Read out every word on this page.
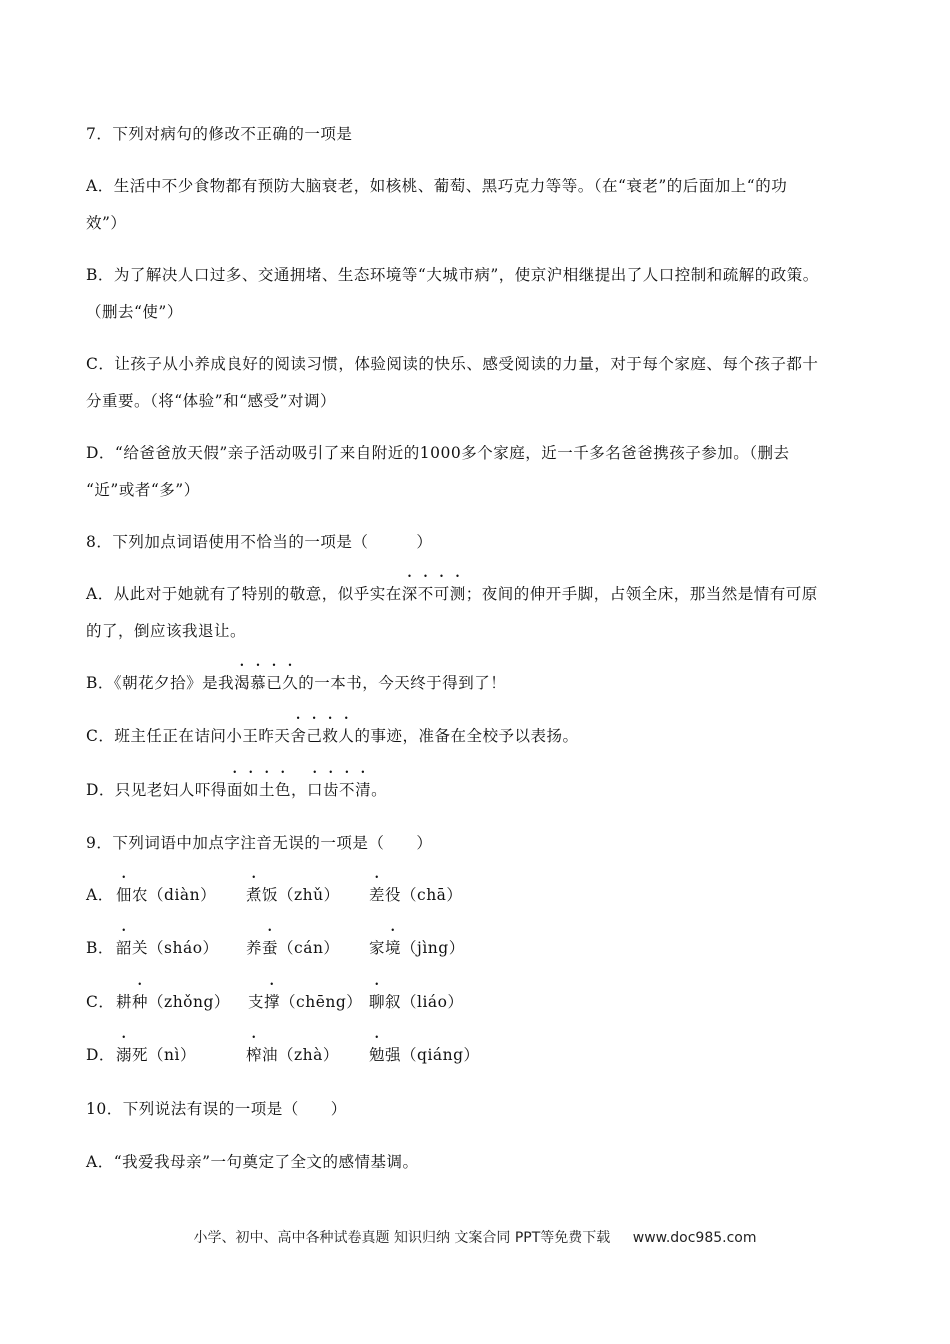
7．下列对病句的修改不正确的一项是
A．生活中不少食物都有预防大脑衰老，如核桃、葡萄、黑巧克力等等。（在“衰老”的后面加上“的功
效”）
B．为了解决人口过多、交通拥堵、生态环境等“大城市病”，使京沪相继提出了人口控制和疏解的政策。
（删去“使”）
C．让孩子从小养成良好的阅读习惯，体验阅读的快乐、感受阅读的力量，对于每个家庭、每个孩子都十
分重要。（将“体验”和“感受”对调）
D．“给爸爸放天假”亲子活动吸引了来自附近的1000多个家庭，近一千多名爸爸携孩子参加。（删去
“近”或者“多”）
8．下列加点词语使用不恰当的一项是（　　　）
A．从此对于她就有了特别的敬意，似乎实在深不可测；夜间的伸开手脚，占领全床，那当然是情有可原
的了，倒应该我退让。
B．《朝花夕拾》是我渴慕已久的一本书，今天终于得到了！
C．班主任正在诘问小王昨天舍己救人的事迹，准备在全校予以表扬。
D．只见老妇人吓得面如土色，口齿不清。
9．下列词语中加点字注音无误的一项是（　　）
A． 佃农（diàn） 煮饭（zhǔ） 差役（chā）
B． 韶关（sháo） 养蚕（cán） 家境（jìng）
C． 耕种（zhǒng） 支撑（chēng） 聊叙（liáo）
D． 溺死（nì）	榨油（zhà） 勉强（qiáng）
10．下列说法有误的一项是（　　）
A．“我爱我母亲”一句奠定了全文的感情基调。
小学、初中、高中各种试卷真题 知识归纳 文案合同 PPT等免费下载 www.doc985.com
